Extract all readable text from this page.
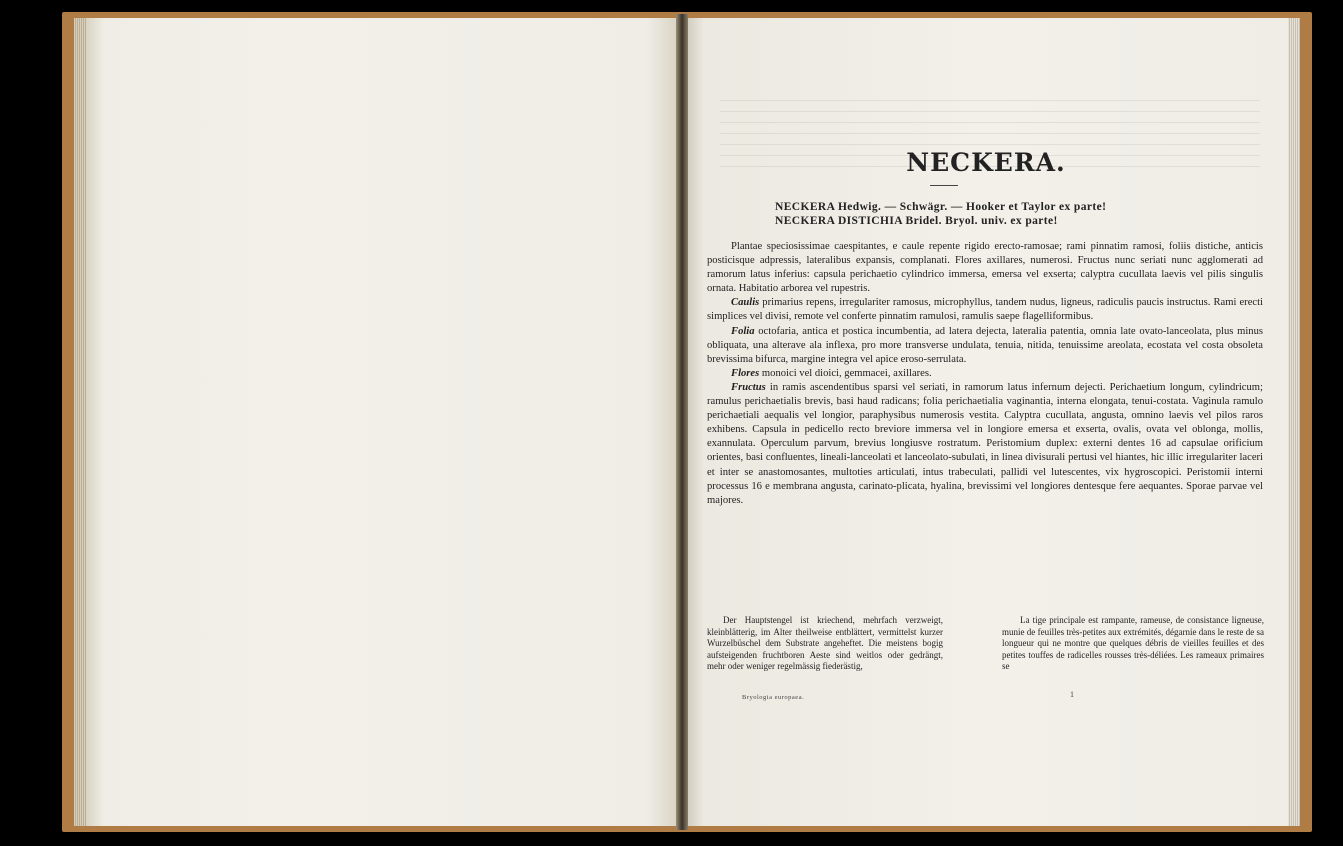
NECKERA.
NECKERA Hedwig. — Schwägr. — Hooker et Taylor ex parte!
NECKERA DISTICHIA Bridel. Bryol. univ. ex parte!

Plantae speciosissimae caespitantes, e caule repente rigido erecto-ramosae; rami pinnatim ramosi, foliis distiche, anticis posticisque adpressis, lateralibus expansis, complanati. Flores axillares, numerosi. Fructus nunc seriati nunc agglomerati ad ramorum latus inferius: capsula perichaetio cylindrico immersa, emersa vel exserta; calyptra cucullata laevis vel pilis singulis ornata. Habitatio arborea vel rupestris.

Caulis primarius repens, irregulariter ramosus, microphyllus, tandem nudus, ligneus, radiculis paucis instructus. Rami erecti simplices vel divisi, remote vel conferte pinnatim ramulosi, ramulis saepe flagelliformibus.

Folia octofaria, antica et postica incumbentia, ad latera dejecta, lateralia patentia, omnia late ovato-lanceolata, plus minus obliquata, una alterave ala inflexa, pro more transverse undulata, tenuia, nitida, tenuissime areolata, ecostata vel costa obsoleta brevissima bifurca, margine integra vel apice eroso-serrulata.

Flores monoici vel dioici, gemmacei, axillares.

Fructus in ramis ascendentibus sparsi vel seriati, in ramorum latus infernum dejecti. Perichaetium longum, cylindricum; ramulus perichaetialis brevis, basi haud radicans; folia perichaetialia vaginantia, interna elongata, tenui-costata. Vaginula ramulo perichaetiali aequalis vel longior, paraphysibus numerosis vestita. Calyptra cucullata, angusta, omnino laevis vel pilos raros exhibens. Capsula in pedicello recto breviore immersa vel in longiore emersa et exserta, ovalis, ovata vel oblonga, mollis, exannulata. Operculum parvum, brevius longiusve rostratum. Peristomium duplex: externi dentes 16 ad capsulae orificium orientes, basi confluentes, lineali-lanceolati et lanceolato-subulati, in linea divisurali pertusi vel hiantes, hic illic irregulariter laceri et inter se anastomosantes, multoties articulati, intus trabeculati, pallidi vel lutescentes, vix hygroscopici. Peristomii interni processus 16 e membrana angusta, carinato-plicata, hyalina, brevissimi vel longiores dentesque fere aequantes. Sporae parvae vel majores.

Der Hauptstengel ist kriechend, mehrfach verzweigt, kleinblätterig, im Alter theilweise entblättert, vermittelst kurzer Wurzelbüschel dem Substrate angeheftet. Die meistens bogig aufsteigenden fruchtboren Aeste sind weitlos oder gedrängt, mehr oder weniger regelmässig fiederästig,
La tige principale est rampante, rameuse, de consistance ligneuse, munie de feuilles très-petites aux extrémités, dégarnie dans le reste de sa longueur qui ne montre que quelques débris de vieilles feuilles et des petites touffes de radicelles rousses très-déliées. Les rameaux primaires se
Bryologia europaea.	1
